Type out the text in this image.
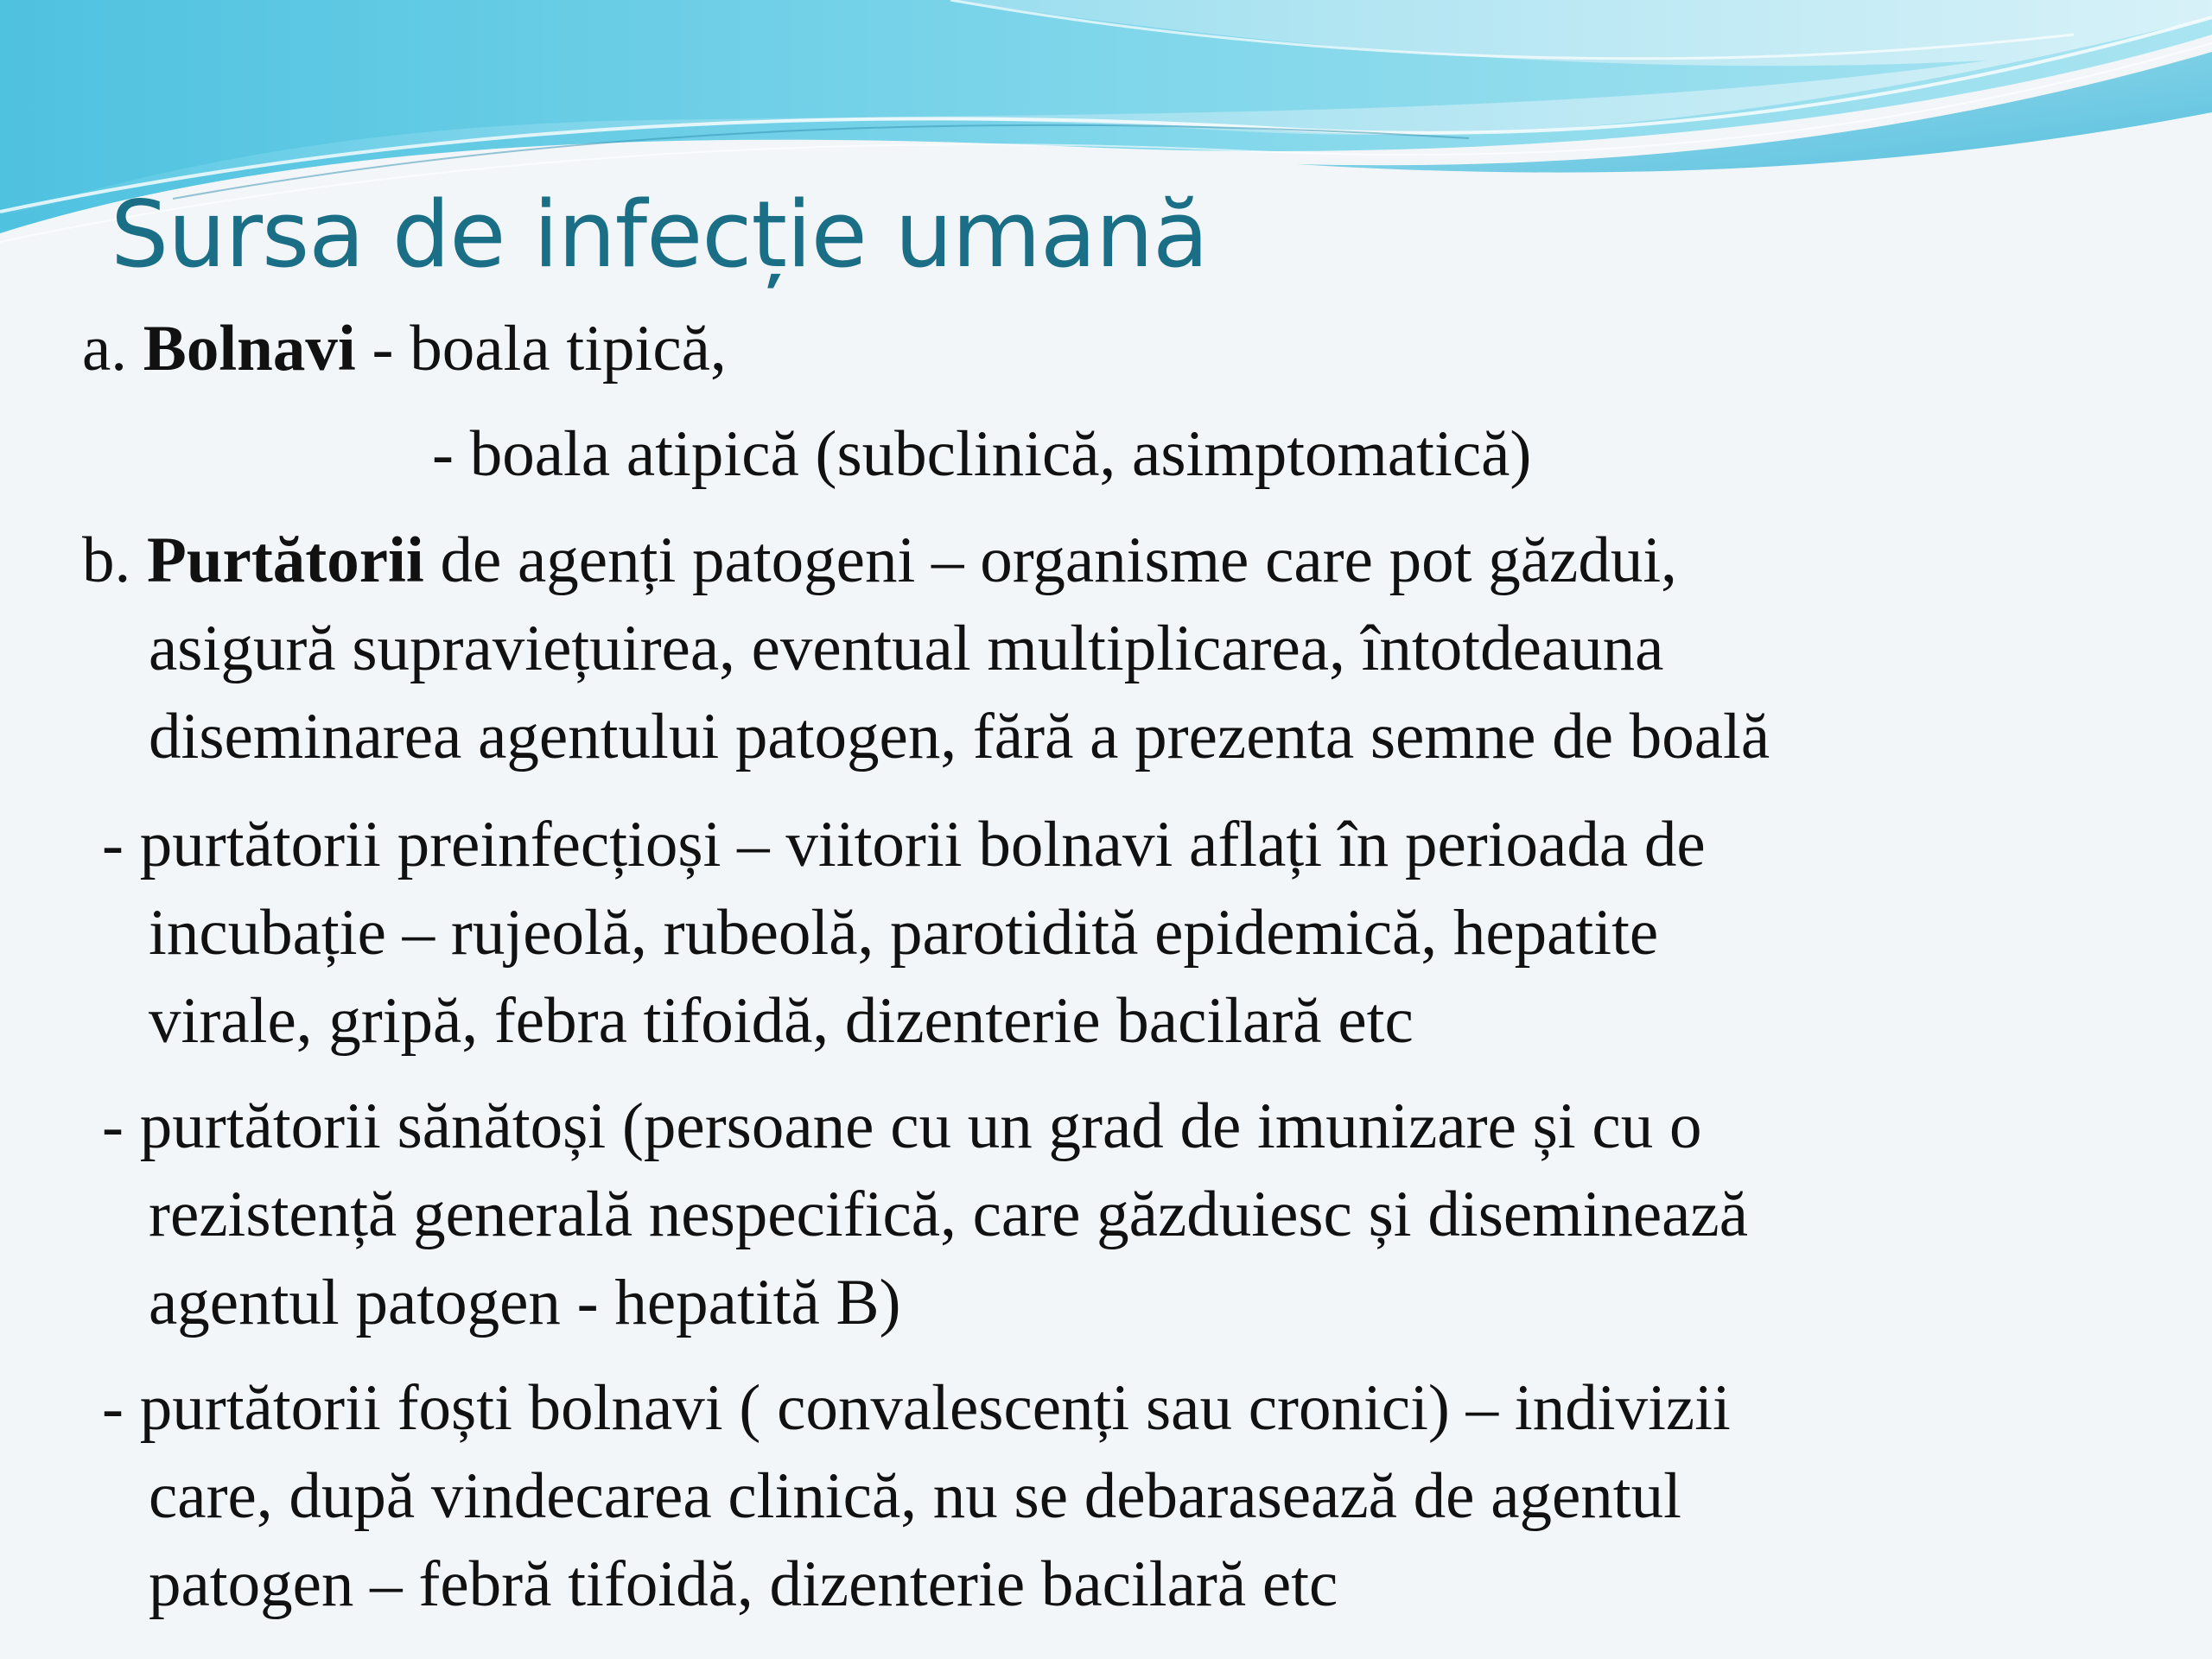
Sursa de infecție umană
a. Bolnavi - boala tipică,
- boala atipică (subclinică, asimptomatică)
b. Purtătorii de agenți patogeni – organisme care pot găzdui,
asigură supraviețuirea, eventual multiplicarea, întotdeauna
diseminarea agentului patogen, fără a prezenta semne de boală
- purtătorii preinfecțioși – viitorii bolnavi aflați în perioada de
incubație – rujeolă, rubeolă, parotidită epidemică, hepatite
virale, gripă, febra tifoidă, dizenterie bacilară etc
- purtătorii sănătoși (persoane cu un grad de imunizare și cu o
rezistență generală nespecifică, care găzduiesc și diseminează
agentul patogen - hepatită B)
- purtătorii foști bolnavi ( convalescenți sau cronici) – indivizii
care, după vindecarea clinică, nu se debarasează de agentul
patogen – febră tifoidă, dizenterie bacilară etc
